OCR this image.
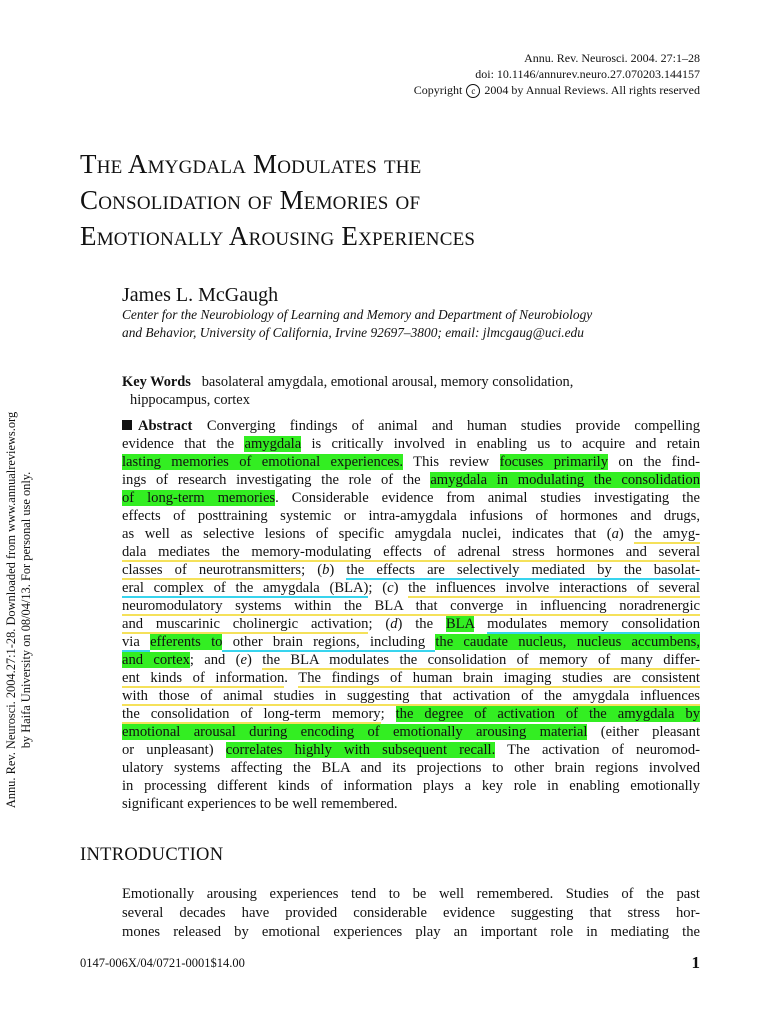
Annu. Rev. Neurosci. 2004. 27:1–28
doi: 10.1146/annurev.neuro.27.070203.144157
Copyright c 2004 by Annual Reviews. All rights reserved
The Amygdala Modulates the
Consolidation of Memories of
Emotionally Arousing Experiences
James L. McGaugh
Center for the Neurobiology of Learning and Memory and Department of Neurobiology
and Behavior, University of California, Irvine 92697–3800; email: jlmcgaug@uci.edu
Key Words basolateral amygdala, emotional arousal, memory consolidation,
hippocampus, cortex
Abstract   Converging findings of animal and human studies provide compelling
evidence that the amygdala is critically involved in enabling us to acquire and retain
lasting memories of emotional experiences. This review focuses primarily on the find-
ings of research investigating the role of the amygdala in modulating the consolidation
of long-term memories. Considerable evidence from animal studies investigating the
effects of posttraining systemic or intra-amygdala infusions of hormones and drugs,
as well as selective lesions of specific amygdala nuclei, indicates that (a) the amyg-
dala mediates the memory-modulating effects of adrenal stress hormones and several
classes of neurotransmitters; (b) the effects are selectively mediated by the basolat-
eral complex of the amygdala (BLA); (c) the influences involve interactions of several
neuromodulatory systems within the BLA that converge in influencing noradrenergic
and muscarinic cholinergic activation; (d) the BLA modulates memory consolidation
via efferents to other brain regions, including the caudate nucleus, nucleus accumbens,
and cortex; and (e) the BLA modulates the consolidation of memory of many differ-
ent kinds of information. The findings of human brain imaging studies are consistent
with those of animal studies in suggesting that activation of the amygdala influences
the consolidation of long-term memory; the degree of activation of the amygdala by
emotional arousal during encoding of emotionally arousing material (either pleasant
or unpleasant) correlates highly with subsequent recall. The activation of neuromod-
ulatory systems affecting the BLA and its projections to other brain regions involved
in processing different kinds of information plays a key role in enabling emotionally
significant experiences to be well remembered.
INTRODUCTION
Emotionally arousing experiences tend to be well remembered. Studies of the past
several decades have provided considerable evidence suggesting that stress hor-
mones released by emotional experiences play an important role in mediating the
0147-006X/04/0721-0001$14.00	1
Annu. Rev. Neurosci. 2004.27:1-28. Downloaded from www.annualreviews.org by Haifa University on 08/04/13. For personal use only.
